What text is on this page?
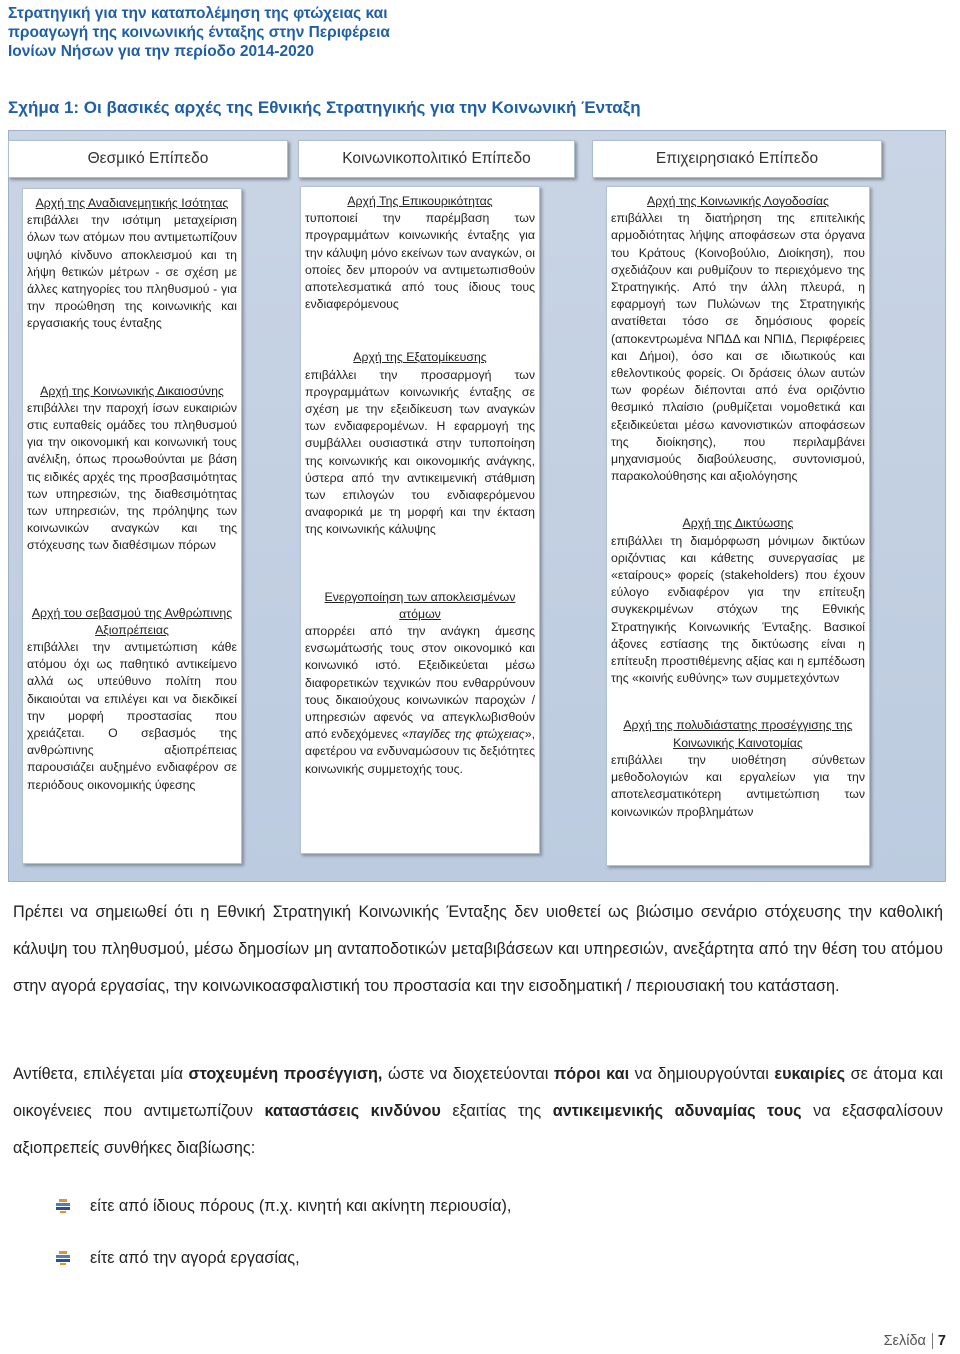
Στρατηγική για την καταπολέμηση της φτώχειας και
προαγωγή της κοινωνικής ένταξης στην Περιφέρεια
Ιονίων Νήσων για την περίοδο 2014-2020
Σχήμα 1: Οι βασικές αρχές της Εθνικής Στρατηγικής για την Κοινωνική Ένταξη
Θεσμικό Επίπεδο	Κοινωνικοπολιτικό Επίπεδο	Επιχειρησιακό Επίπεδο
Αρχή της Αναδιανεμητικής Ισότητας

επιβάλλει την ισότιμη μεταχείριση όλων των ατόμων που αντιμετωπίζουν υψηλό κίνδυνο αποκλεισμού και τη λήψη θετικών μέτρων - σε σχέση με άλλες κατηγορίες του πληθυσμού - για την προώθηση της κοινωνικής και εργασιακής τους ένταξης

Αρχή της Κοινωνικής Δικαιοσύνης

επιβάλλει την παροχή ίσων ευκαιριών στις ευπαθείς ομάδες του πληθυσμού για την οικονομική και κοινωνική τους ανέλιξη, όπως προωθούνται με βάση τις ειδικές αρχές της προσβασιμότητας των υπηρεσιών, της διαθεσιμότητας των υπηρεσιών, της πρόληψης των κοινωνικών αναγκών και της στόχευσης των διαθέσιμων πόρων

Αρχή του σεβασμού της Ανθρώπινης Αξιοπρέπειας

επιβάλλει την αντιμετώπιση κάθε ατόμου όχι ως παθητικό αντικείμενο αλλά ως υπεύθυνο πολίτη που δικαιούται να επιλέγει και να διεκδικεί την μορφή προστασίας που χρειάζεται. Ο σεβασμός της ανθρώπινης αξιοπρέπειας παρουσιάζει αυξημένο ενδιαφέρον σε περιόδους οικονομικής ύφεσης

Αρχή Της Επικουρικότητας

τυποποιεί την παρέμβαση των προγραμμάτων κοινωνικής ένταξης για την κάλυψη μόνο εκείνων των αναγκών, οι οποίες δεν μπορούν να αντιμετωπισθούν αποτελεσματικά από τους ίδιους τους ενδιαφερόμενους

Αρχή της Εξατομίκευσης

επιβάλλει την προσαρμογή των προγραμμάτων κοινωνικής ένταξης σε σχέση με την εξειδίκευση των αναγκών των ενδιαφερομένων. Η εφαρμογή της συμβάλλει ουσιαστικά στην τυποποίηση της κοινωνικής και οικονομικής ανάγκης, ύστερα από την αντικειμενική στάθμιση των επιλογών του ενδιαφερόμενου αναφορικά με τη μορφή και την έκταση της κοινωνικής κάλυψης

Ενεργοποίηση των αποκλεισμένων ατόμων

απορρέει από την ανάγκη άμεσης ενσωμάτωσής τους στον οικονομικό και κοινωνικό ιστό. Εξειδικεύεται μέσω διαφορετικών τεχνικών που ενθαρρύνουν τους δικαιούχους κοινωνικών παροχών / υπηρεσιών αφενός να απεγκλωβισθούν από ενδεχόμενες «παγίδες της φτώχειας», αφετέρου να ενδυναμώσουν τις δεξιότητες κοινωνικής συμμετοχής τους.

Αρχή της Κοινωνικής Λογοδοσίας

επιβάλλει τη διατήρηση της επιτελικής αρμοδιότητας λήψης αποφάσεων στα όργανα του Κράτους (Κοινοβούλιο, Διοίκηση), που σχεδιάζουν και ρυθμίζουν το περιεχόμενο της Στρατηγικής. Από την άλλη πλευρά, η εφαρμογή των Πυλώνων της Στρατηγικής ανατίθεται τόσο σε δημόσιους φορείς (αποκεντρωμένα ΝΠΔΔ και ΝΠΙΔ, Περιφέρειες και Δήμοι), όσο και σε ιδιωτικούς και εθελοντικούς φορείς. Οι δράσεις όλων αυτών των φορέων διέπονται από ένα οριζόντιο θεσμικό πλαίσιο (ρυθμίζεται νομοθετικά και εξειδικεύεται μέσω κανονιστικών αποφάσεων της διοίκησης), που περιλαμβάνει μηχανισμούς διαβούλευσης, συντονισμού, παρακολούθησης και αξιολόγησης

Αρχή της Δικτύωσης

επιβάλλει τη διαμόρφωση μόνιμων δικτύων οριζόντιας και κάθετης συνεργασίας με «εταίρους» φορείς (stakeholders) που έχουν εύλογο ενδιαφέρον για την επίτευξη συγκεκριμένων στόχων της Εθνικής Στρατηγικής Κοινωνικής Ένταξης. Βασικοί άξονες εστίασης της δικτύωσης είναι η επίτευξη προστιθέμενης αξίας και η εμπέδωση της «κοινής ευθύνης» των συμμετεχόντων

Αρχή της πολυδιάστατης προσέγγισης της Κοινωνικής Καινοτομίας

επιβάλλει την υιοθέτηση σύνθετων μεθοδολογιών και εργαλείων για την αποτελεσματικότερη αντιμετώπιση των κοινωνικών προβλημάτων

Πρέπει να σημειωθεί ότι η Εθνική Στρατηγική Κοινωνικής Ένταξης δεν υιοθετεί ως βιώσιμο σενάριο στόχευσης την καθολική κάλυψη του πληθυσμού, μέσω δημοσίων μη ανταποδοτικών μεταβιβάσεων και υπηρεσιών, ανεξάρτητα από την θέση του ατόμου στην αγορά εργασίας, την κοινωνικοασφαλιστική του προστασία και την εισοδηματική / περιουσιακή του κατάσταση.

Αντίθετα, επιλέγεται μία στοχευμένη προσέγγιση, ώστε να διοχετεύονται πόροι και να δημιουργούνται ευκαιρίες σε άτομα και οικογένειες που αντιμετωπίζουν καταστάσεις κινδύνου εξαιτίας της αντικειμενικής αδυναμίας τους να εξασφαλίσουν αξιοπρεπείς συνθήκες διαβίωσης:

είτε από ίδιους πόρους (π.χ. κινητή και ακίνητη περιουσία),
είτε από την αγορά εργασίας,
Σελίδα 7
